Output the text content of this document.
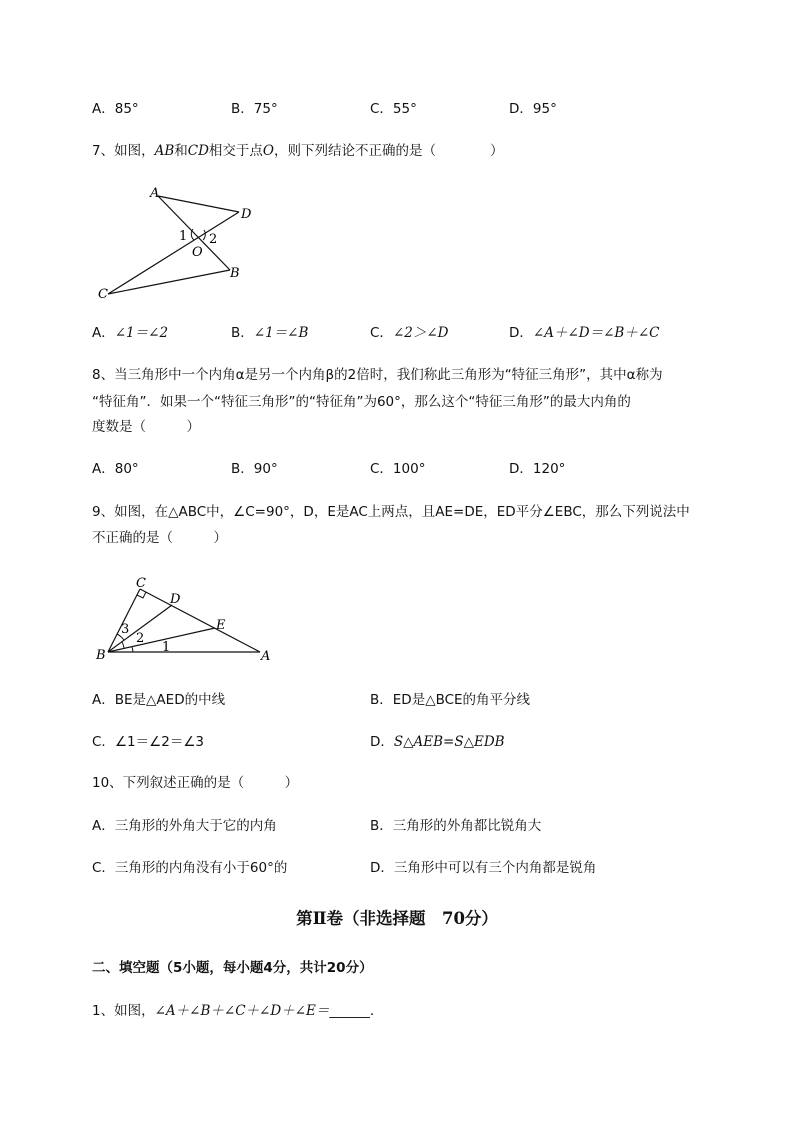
A．85°	B．75°	C．55°	D．95°
7、如图，AB和CD相交于点O，则下列结论不正确的是（　　　　）
A
D
C
B
O
1 2
A．∠1＝∠2	B．∠1＝∠B	C．∠2＞∠D	D．∠A＋∠D＝∠B＋∠C
8、当三角形中一个内角α是另一个内角β的2倍时，我们称此三角形为“特征三角形”，其中α称为
“特征角”．如果一个“特征三角形”的“特征角”为60°，那么这个“特征三角形”的最大内角的
度数是（　　　）
A．80°	B．90°	C．100°	D．120°
9、如图，在△ABC中，∠C=90°，D，E是AC上两点，且AE=DE，ED平分∠EBC，那么下列说法中
不正确的是（　　　）
C
D
E
B	A
3
2
1
A．BE是△AED的中线	B．ED是△BCE的角平分线
C．∠1＝∠2＝∠3	D．S△AEB=S△EDB
10、下列叙述正确的是（　　　）
A．三角形的外角大于它的内角	B．三角形的外角都比锐角大
C．三角形的内角没有小于60°的	D．三角形中可以有三个内角都是锐角
第Ⅱ卷（非选择题　70分）
二、填空题（5小题，每小题4分，共计20分）
1、如图，∠A＋∠B＋∠C＋∠D＋∠E＝______．
